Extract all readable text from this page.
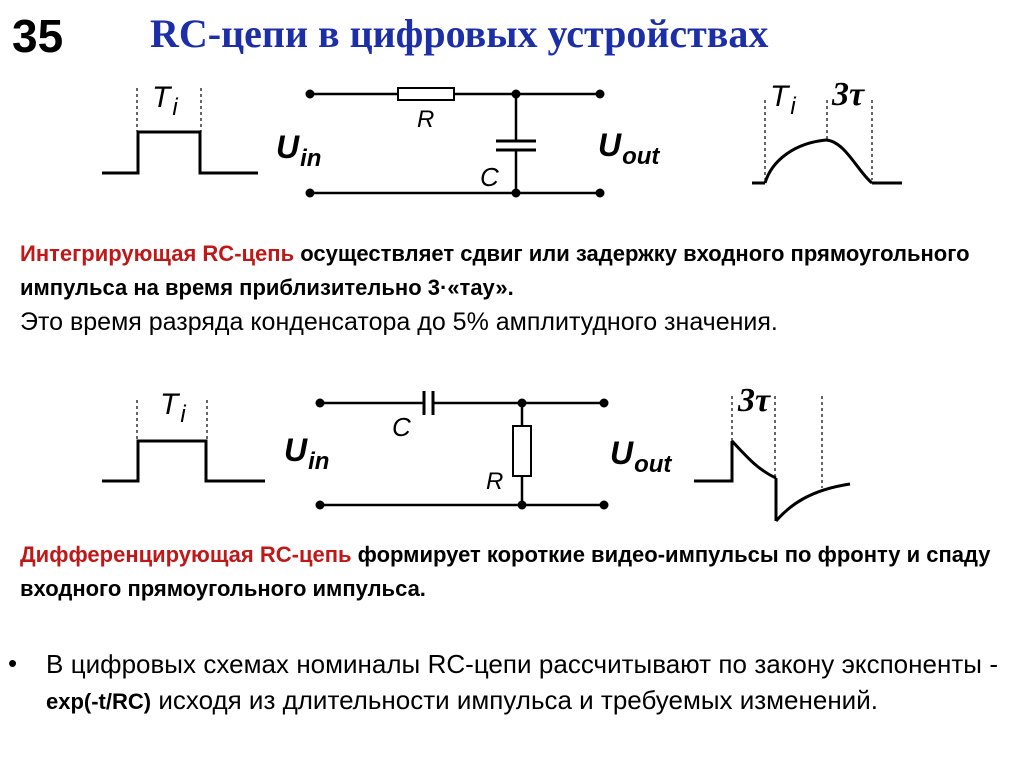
35 RC-цепи в цифровых устройствах
$T_i$	R
C
$U_{in}$	$U_{out}$
$T_i$ 3τ
$T_i$	C
R
$U_{in}$	$U_{out}$
3τ
Интегрирующая RC-цепь осуществляет сдвиг или задержку входного прямоугольного импульса на время приблизительно 3·«тау».
Это время разряда конденсатора до 5% амплитудного значения.
Дифференцирующая RC-цепь формирует короткие видео-импульсы по фронту и спаду входного прямоугольного импульса.
•	В цифровых схемах номиналы RC-цепи рассчитывают по закону экспоненты - exp(-t/RC) исходя из длительности импульса и требуемых изменений.
